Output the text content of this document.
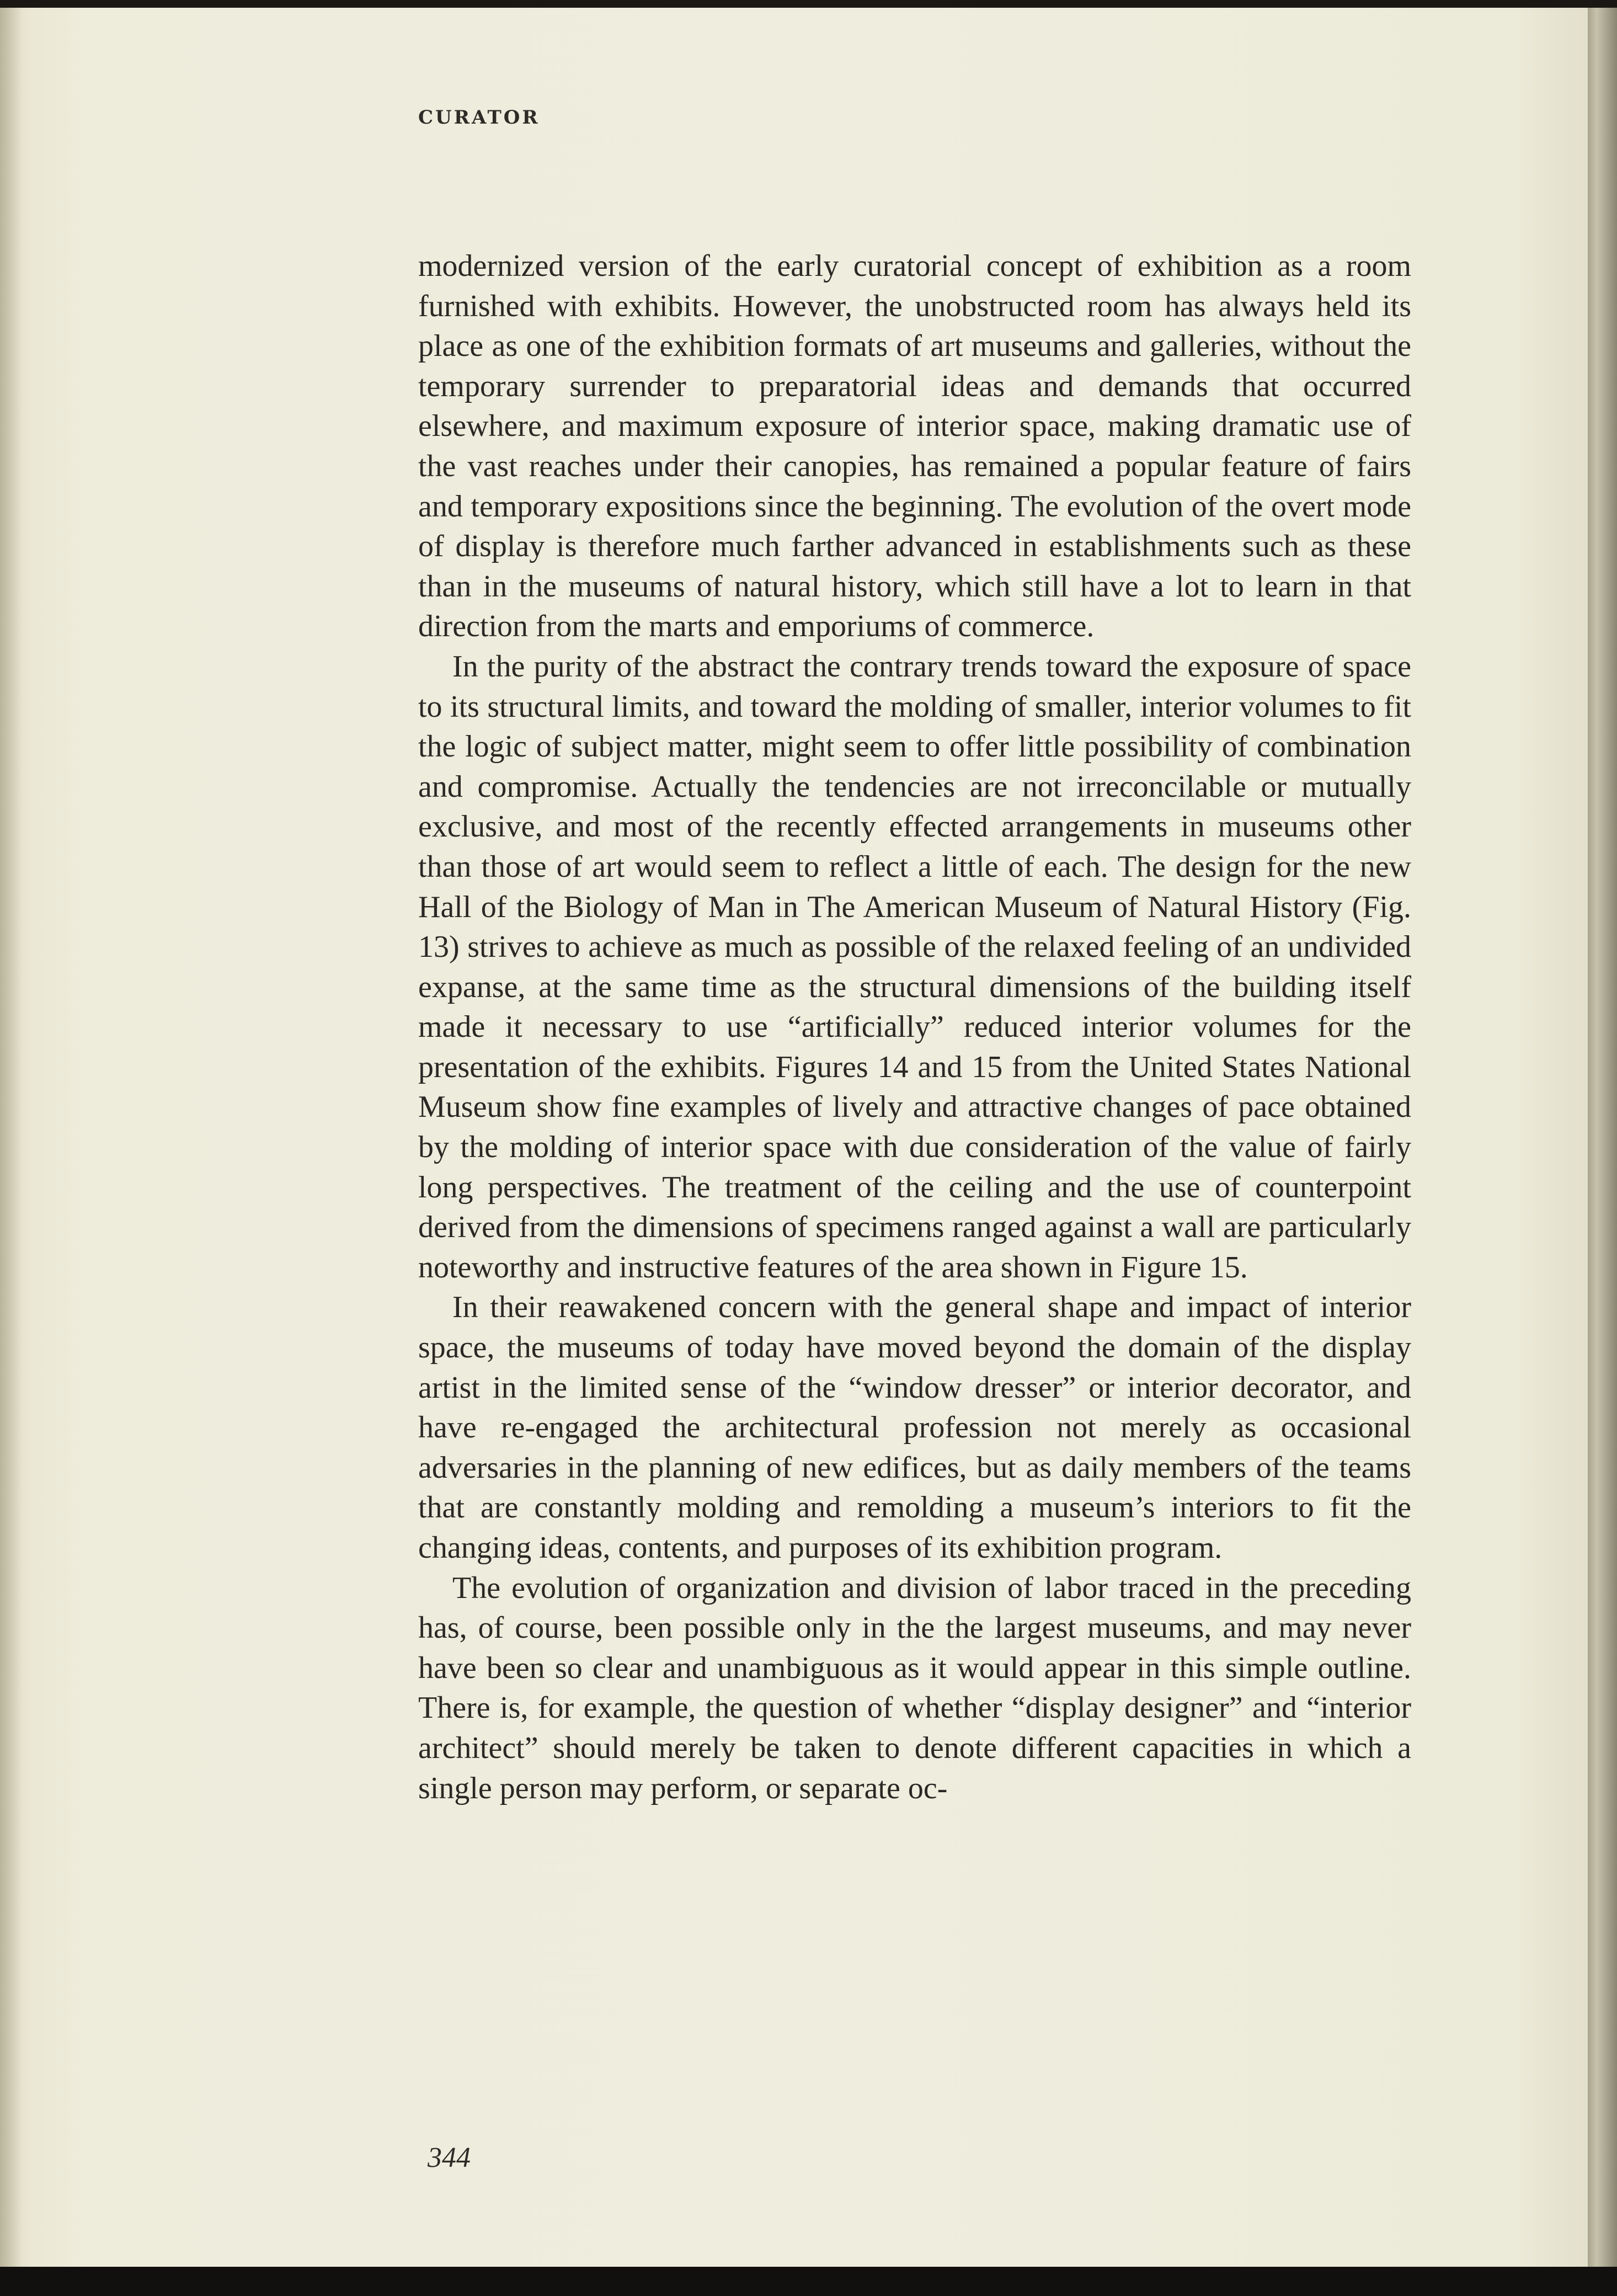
CURATOR

modernized version of the early curatorial concept of exhibition as a room furnished with exhibits. However, the unobstructed room has always held its place as one of the exhibition formats of art museums and galleries, without the temporary surrender to preparatorial ideas and demands that occurred elsewhere, and maximum exposure of interior space, making dramatic use of the vast reaches under their canopies, has remained a popular feature of fairs and temporary expositions since the beginning. The evolution of the overt mode of display is therefore much farther advanced in establishments such as these than in the museums of natural history, which still have a lot to learn in that direction from the marts and emporiums of commerce.

In the purity of the abstract the contrary trends toward the exposure of space to its structural limits, and toward the molding of smaller, interior volumes to fit the logic of subject matter, might seem to offer little possibility of combination and compromise. Actually the tendencies are not irreconcilable or mutually exclusive, and most of the recently effected arrangements in museums other than those of art would seem to reflect a little of each. The design for the new Hall of the Biology of Man in The American Museum of Natural History (Fig. 13) strives to achieve as much as possible of the relaxed feeling of an undivided expanse, at the same time as the structural dimensions of the building itself made it necessary to use “artificially” reduced interior volumes for the presentation of the exhibits. Figures 14 and 15 from the United States National Museum show fine examples of lively and attractive changes of pace obtained by the molding of interior space with due consideration of the value of fairly long perspectives. The treatment of the ceiling and the use of counterpoint derived from the dimensions of specimens ranged against a wall are particularly noteworthy and instructive features of the area shown in Figure 15.

In their reawakened concern with the general shape and impact of interior space, the museums of today have moved beyond the domain of the display artist in the limited sense of the “window dresser” or interior decorator, and have re-engaged the architectural profession not merely as occasional adversaries in the planning of new edifices, but as daily members of the teams that are constantly molding and remolding a museum’s interiors to fit the changing ideas, contents, and purposes of its exhibition program.

The evolution of organization and division of labor traced in the preceding has, of course, been possible only in the the largest museums, and may never have been so clear and unambiguous as it would appear in this simple outline. There is, for example, the question of whether “display designer” and “interior architect” should merely be taken to denote different capacities in which a single person may perform, or separate oc-

344
